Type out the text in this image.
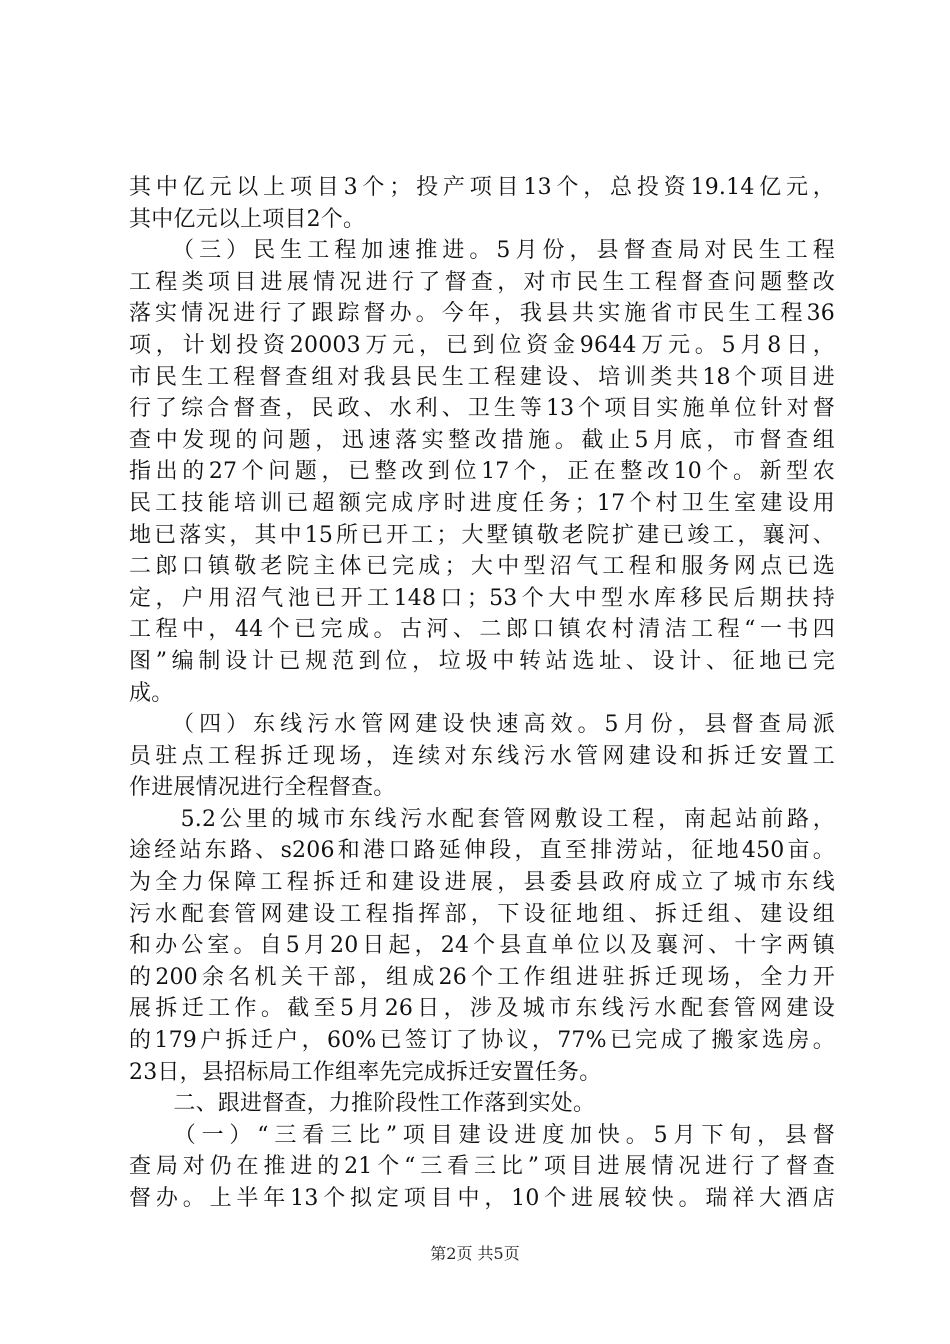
其中亿元以上项目3个；投产项目13个，总投资19.14亿元，
其中亿元以上项目2个。
　　（三）民生工程加速推进。5月份，县督查局对民生工程
工程类项目进展情况进行了督查，对市民生工程督查问题整改
落实情况进行了跟踪督办。今年，我县共实施省市民生工程36
项，计划投资20003万元，已到位资金9644万元。5月8日，
市民生工程督查组对我县民生工程建设、培训类共18个项目进
行了综合督查，民政、水利、卫生等13个项目实施单位针对督
查中发现的问题，迅速落实整改措施。截止5月底，市督查组
指出的27个问题，已整改到位17个，正在整改10个。新型农
民工技能培训已超额完成序时进度任务；17个村卫生室建设用
地已落实，其中15所已开工；大墅镇敬老院扩建已竣工，襄河、
二郎口镇敬老院主体已完成；大中型沼气工程和服务网点已选
定，户用沼气池已开工148口；53个大中型水库移民后期扶持
工程中，44个已完成。古河、二郎口镇农村清洁工程“一书四
图”编制设计已规范到位，垃圾中转站选址、设计、征地已完
成。
　　（四）东线污水管网建设快速高效。5月份，县督查局派
员驻点工程拆迁现场，连续对东线污水管网建设和拆迁安置工
作进展情况进行全程督查。
　　5.2公里的城市东线污水配套管网敷设工程，南起站前路，
途经站东路、s206和港口路延伸段，直至排涝站，征地450亩。
为全力保障工程拆迁和建设进展，县委县政府成立了城市东线
污水配套管网建设工程指挥部，下设征地组、拆迁组、建设组
和办公室。自5月20日起，24个县直单位以及襄河、十字两镇
的200余名机关干部，组成26个工作组进驻拆迁现场，全力开
展拆迁工作。截至5月26日，涉及城市东线污水配套管网建设
的179户拆迁户，60%已签订了协议，77%已完成了搬家选房。
23日，县招标局工作组率先完成拆迁安置任务。
　　二、跟进督查，力推阶段性工作落到实处。
　　（一）“三看三比”项目建设进度加快。5月下旬，县督
查局对仍在推进的21个“三看三比”项目进展情况进行了督查
督办。上半年13个拟定项目中，10个进展较快。瑞祥大酒店
第2页 共5页
